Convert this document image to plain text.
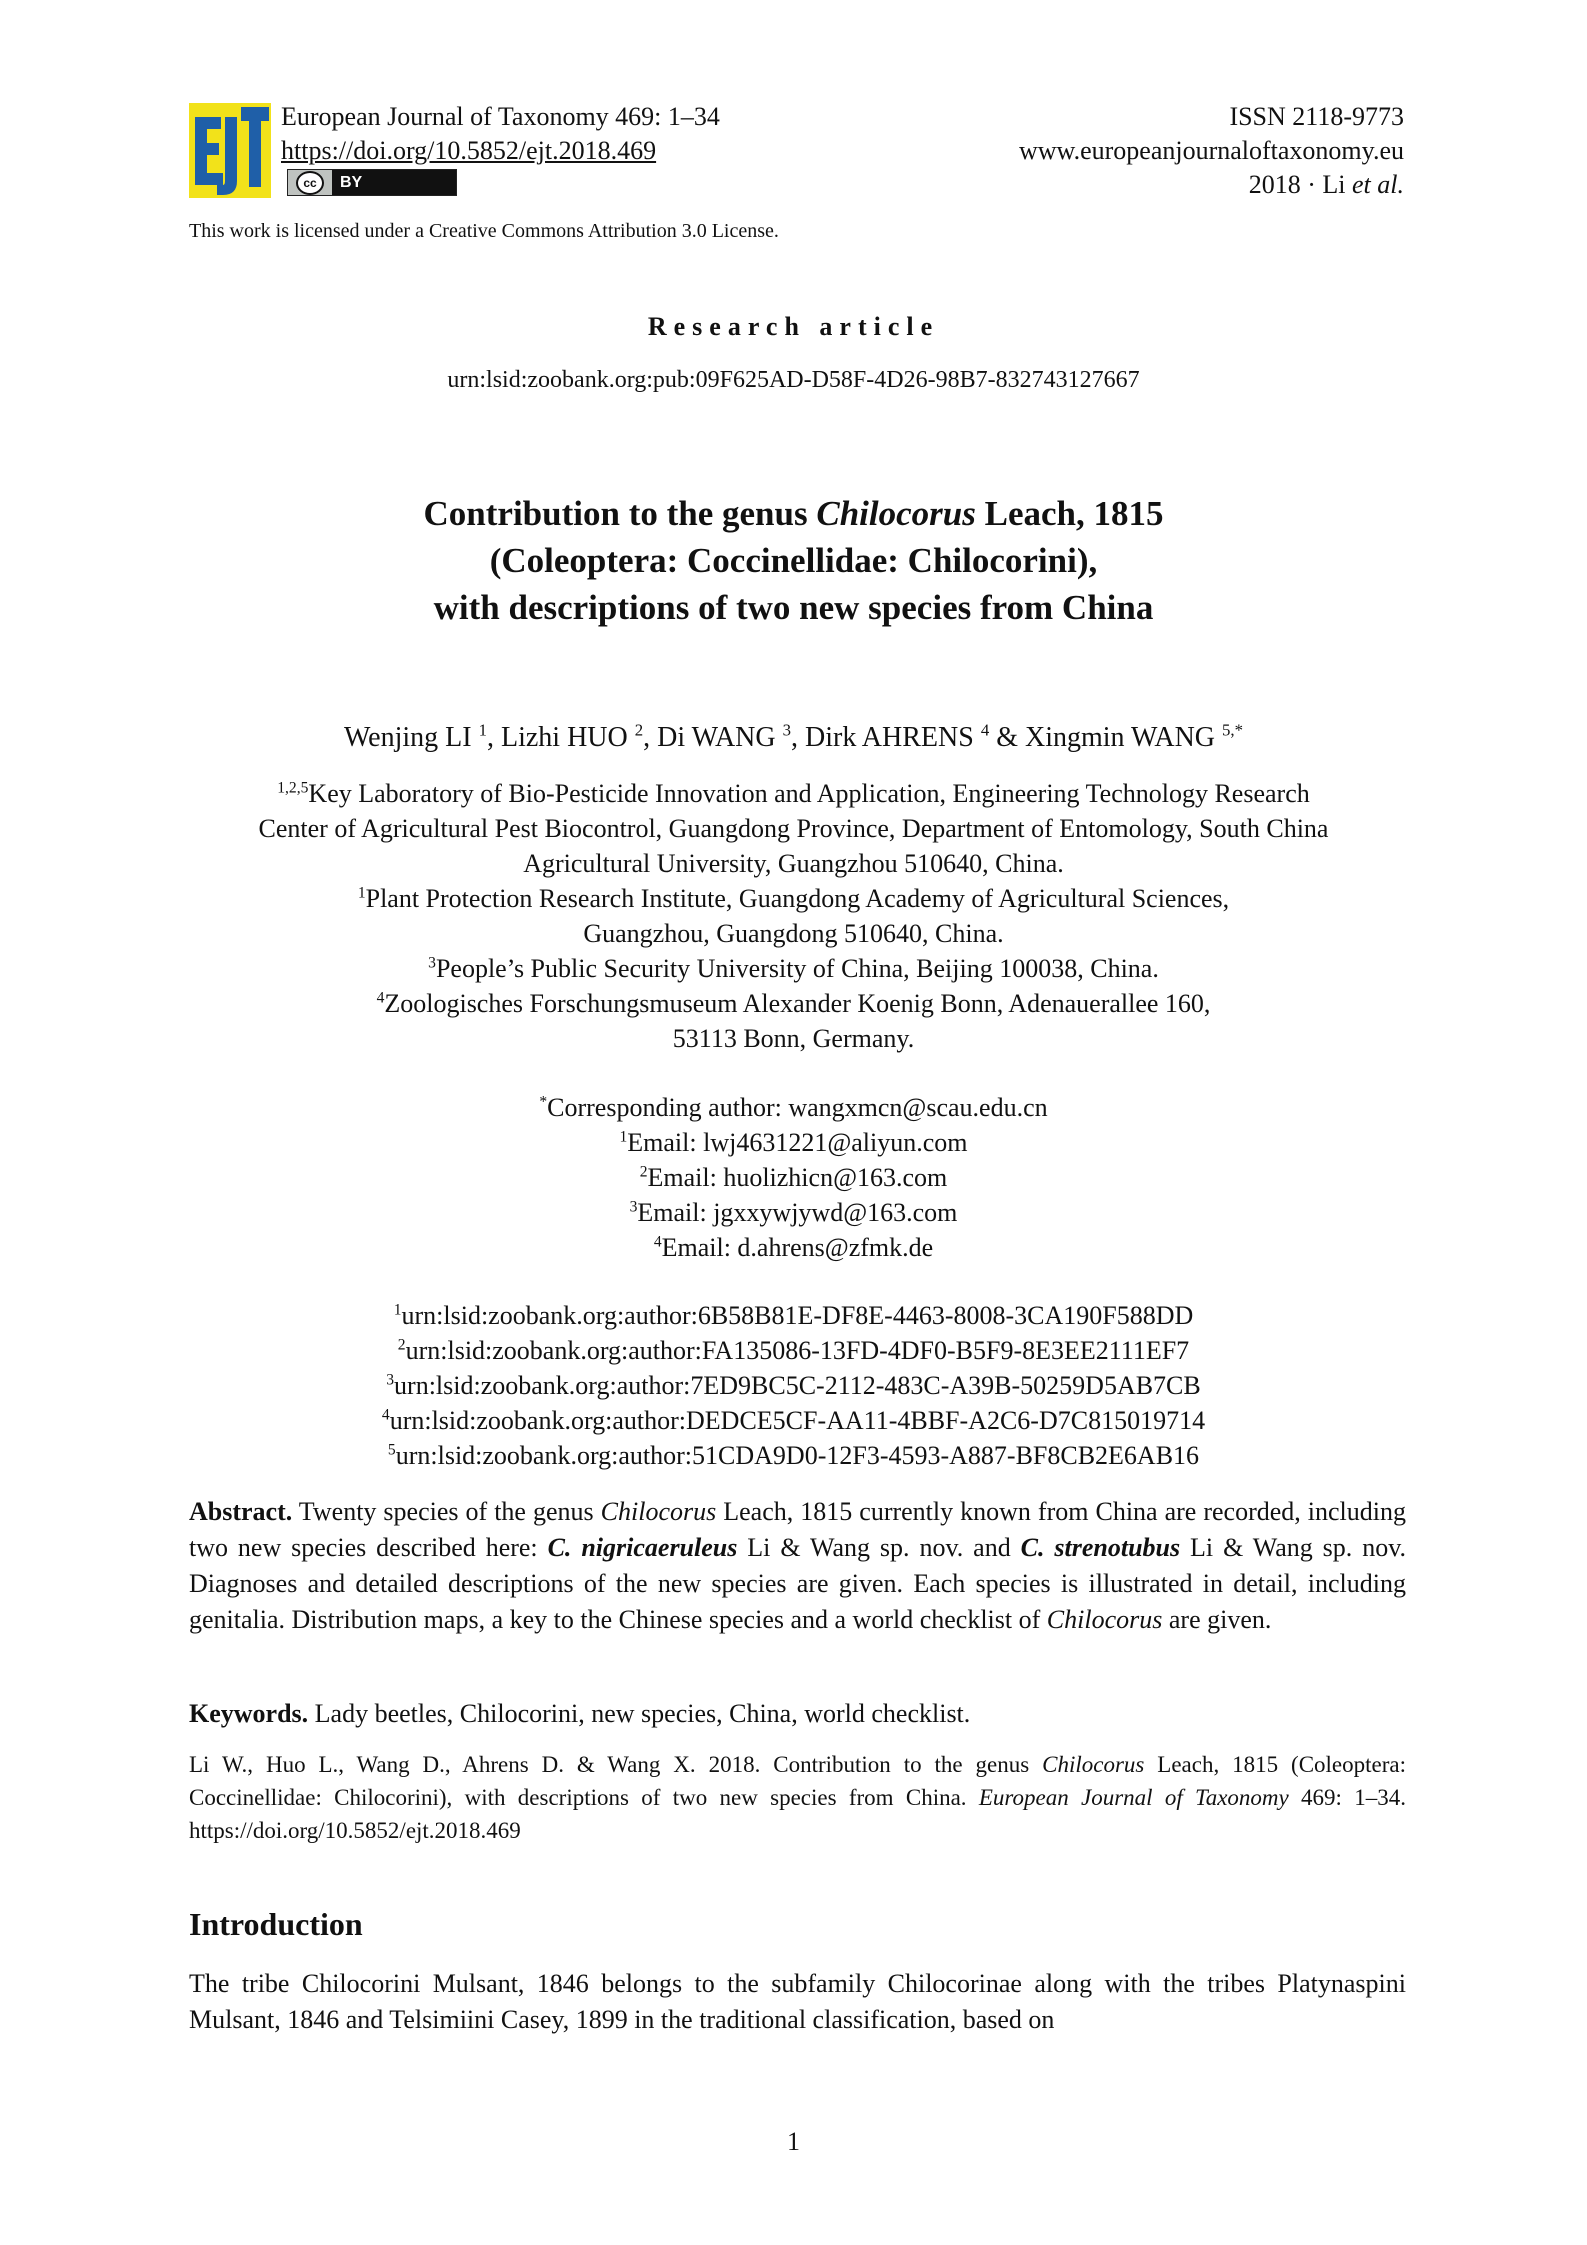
European Journal of Taxonomy 469: 1–34
https://doi.org/10.5852/ejt.2018.469
cc	BY
ISSN 2118-9773
www.europeanjournaloftaxonomy.eu
2018 · Li et al.
This work is licensed under a Creative Commons Attribution 3.0 License.
Research article
urn:lsid:zoobank.org:pub:09F625AD-D58F-4D26-98B7-832743127667
Contribution to the genus Chilocorus Leach, 1815
(Coleoptera: Coccinellidae: Chilocorini),
with descriptions of two new species from China
Wenjing LI $^1$, Lizhi HUO $^2$, Di WANG $^3$, Dirk AHRENS $^4$ & Xingmin WANG $^{5,*}$
$^{1,2,5}$Key Laboratory of Bio-Pesticide Innovation and Application, Engineering Technology Research
Center of Agricultural Pest Biocontrol, Guangdong Province, Department of Entomology, South China
Agricultural University, Guangzhou 510640, China.
$^1$Plant Protection Research Institute, Guangdong Academy of Agricultural Sciences,
Guangzhou, Guangdong 510640, China.
$^3$People’s Public Security University of China, Beijing 100038, China.
$^4$Zoologisches Forschungsmuseum Alexander Koenig Bonn, Adenauerallee 160,
53113 Bonn, Germany.
*Corresponding author: wangxmcn@scau.edu.cn
$^1$Email: lwj4631221@aliyun.com
$^2$Email: huolizhicn@163.com
$^3$Email: jgxxywjywd@163.com
$^4$Email: d.ahrens@zfmk.de
$^1$urn:lsid:zoobank.org:author:6B58B81E-DF8E-4463-8008-3CA190F588DD
$^2$urn:lsid:zoobank.org:author:FA135086-13FD-4DF0-B5F9-8E3EE2111EF7
$^3$urn:lsid:zoobank.org:author:7ED9BC5C-2112-483C-A39B-50259D5AB7CB
$^4$urn:lsid:zoobank.org:author:DEDCE5CF-AA11-4BBF-A2C6-D7C815019714
$^5$urn:lsid:zoobank.org:author:51CDA9D0-12F3-4593-A887-BF8CB2E6AB16
Abstract. Twenty species of the genus Chilocorus Leach, 1815 currently known from China are recorded, including two new species described here: C. nigricaeruleus Li & Wang sp. nov. and C. strenotubus Li & Wang sp. nov. Diagnoses and detailed descriptions of the new species are given. Each species is illustrated in detail, including genitalia. Distribution maps, a key to the Chinese species and a world checklist of Chilocorus are given.
Keywords. Lady beetles, Chilocorini, new species, China, world checklist.
Li W., Huo L., Wang D., Ahrens D. & Wang X. 2018. Contribution to the genus Chilocorus Leach, 1815 (Coleoptera: Coccinellidae: Chilocorini), with descriptions of two new species from China. European Journal of Taxonomy 469: 1–34. https://doi.org/10.5852/ejt.2018.469
Introduction
The tribe Chilocorini Mulsant, 1846 belongs to the subfamily Chilocorinae along with the tribes Platynaspini Mulsant, 1846 and Telsimiini Casey, 1899 in the traditional classification, based on
1
